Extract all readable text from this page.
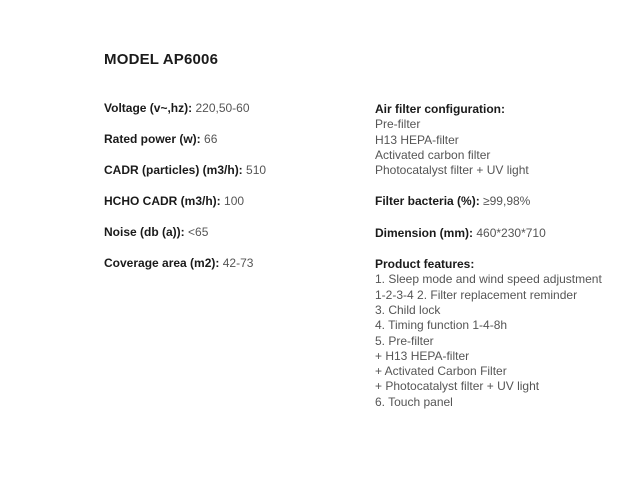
MODEL AP6006
Voltage (v~,hz): 220,50-60
Rated power (w): 66
CADR (particles) (m3/h): 510
HCHO CADR (m3/h): 100
Noise (db (a)): <65
Coverage area (m2): 42-73
Air filter configuration:
Pre-filter
H13 HEPA-filter
Activated carbon filter
Photocatalyst filter + UV light
Filter bacteria (%): ≥99,98%
Dimension (mm): 460*230*710
Product features:
1. Sleep mode and wind speed adjustment
1-2-3-4 2. Filter replacement reminder
3. Child lock
4. Timing function 1-4-8h
5. Pre-filter
+ H13 HEPA-filter
+ Activated Carbon Filter
+ Photocatalyst filter + UV light
6. Touch panel
